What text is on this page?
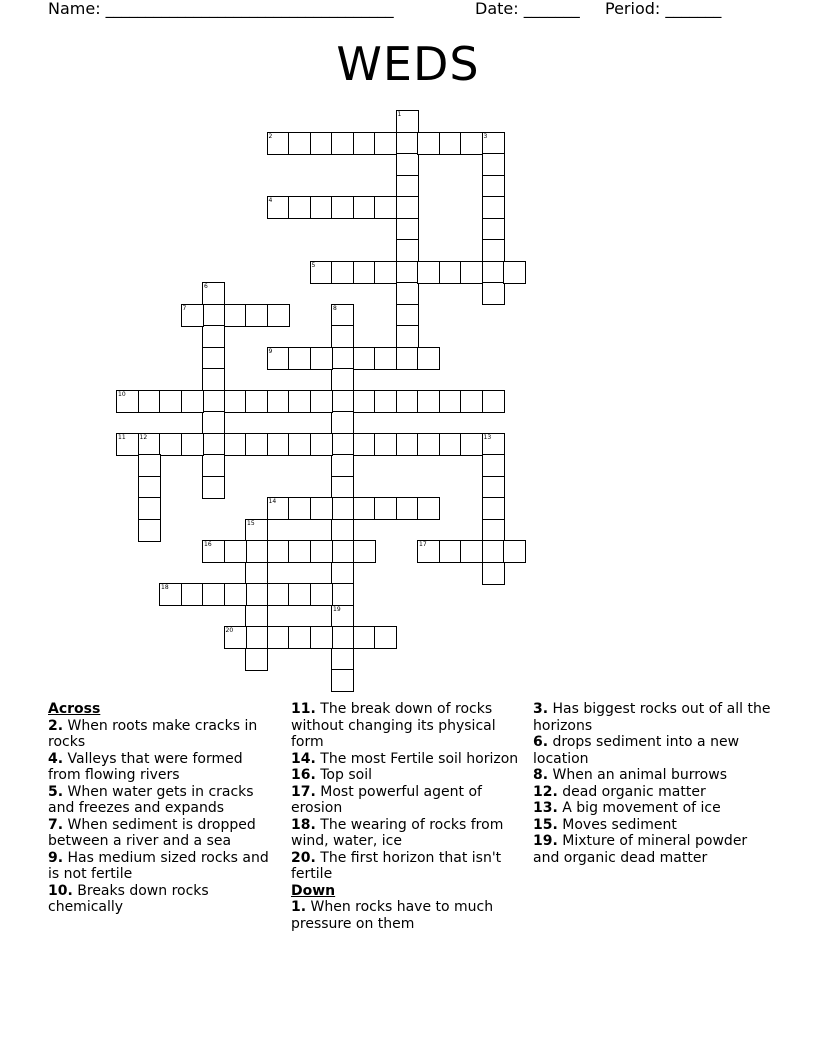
Name: ____________________________________	Date: _______ Period: _______
WEDS
1
2	3
4
5
6
7	8
9
10
11 12	13
14
15
16	17
18
19
20
Across
2. When roots make cracks in rocks
4. Valleys that were formed from flowing rivers
5. When water gets in cracks and freezes and expands
7. When sediment is dropped between a river and a sea
9. Has medium sized rocks and is not fertile
10. Breaks down rocks chemically
11. The break down of rocks without changing its physical form
14. The most Fertile soil horizon
16. Top soil
17. Most powerful agent of erosion
18. The wearing of rocks from wind, water, ice
20. The first horizon that isn't fertile
Down
1. When rocks have to much pressure on them
3. Has biggest rocks out of all the horizons
6. drops sediment into a new location
8. When an animal burrows
12. dead organic matter
13. A big movement of ice
15. Moves sediment
19. Mixture of mineral powder and organic dead matter
